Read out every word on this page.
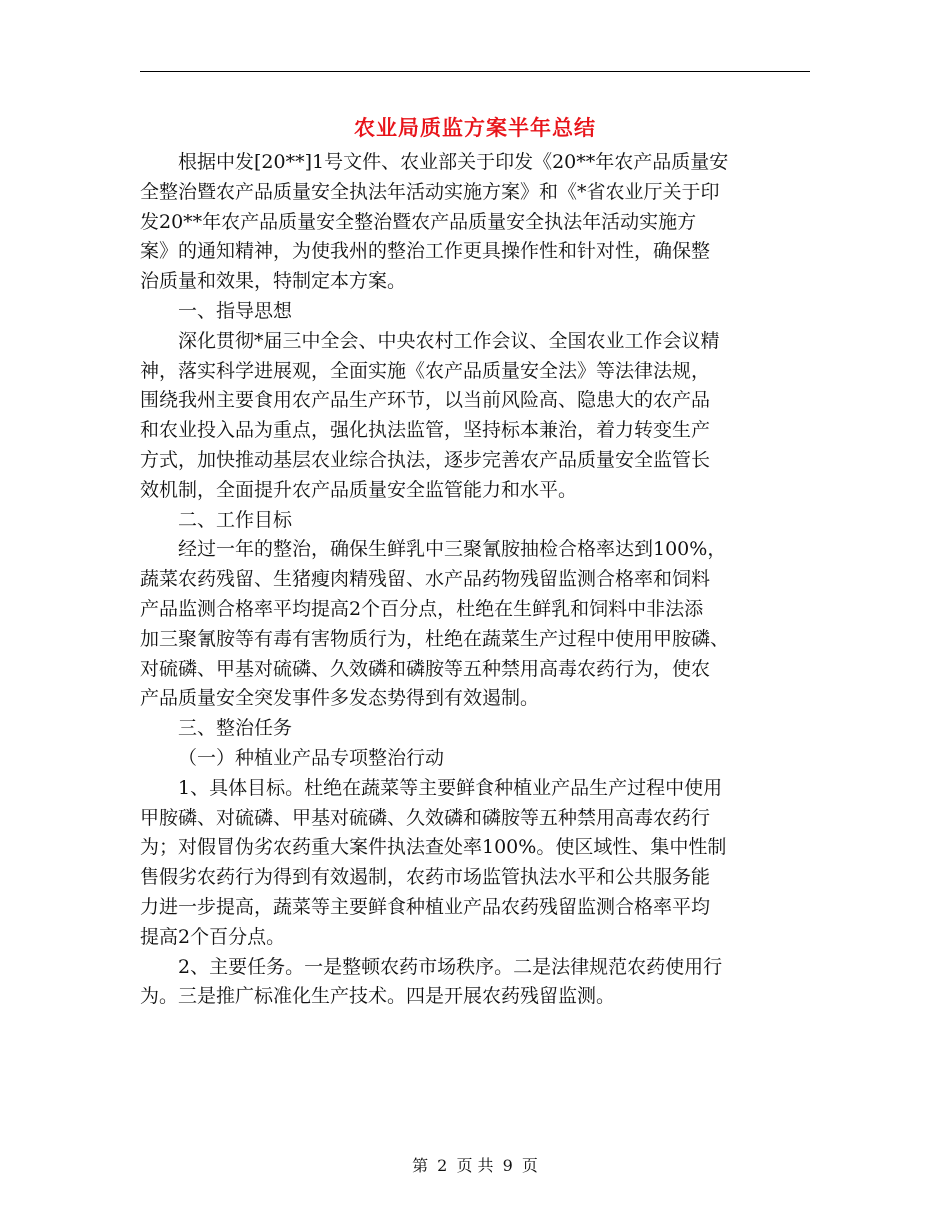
农业局质监方案半年总结
根据中发[20**]1号文件、农业部关于印发《20**年农产品质量安
全整治暨农产品质量安全执法年活动实施方案》和《*省农业厅关于印
发20**年农产品质量安全整治暨农产品质量安全执法年活动实施方
案》的通知精神，为使我州的整治工作更具操作性和针对性，确保整
治质量和效果，特制定本方案。
一、指导思想
深化贯彻*届三中全会、中央农村工作会议、全国农业工作会议精
神，落实科学进展观，全面实施《农产品质量安全法》等法律法规，
围绕我州主要食用农产品生产环节，以当前风险高、隐患大的农产品
和农业投入品为重点，强化执法监管，坚持标本兼治，着力转变生产
方式，加快推动基层农业综合执法，逐步完善农产品质量安全监管长
效机制，全面提升农产品质量安全监管能力和水平。
二、工作目标
经过一年的整治，确保生鲜乳中三聚氰胺抽检合格率达到100%，
蔬菜农药残留、生猪瘦肉精残留、水产品药物残留监测合格率和饲料
产品监测合格率平均提高2个百分点，杜绝在生鲜乳和饲料中非法添
加三聚氰胺等有毒有害物质行为，杜绝在蔬菜生产过程中使用甲胺磷、
对硫磷、甲基对硫磷、久效磷和磷胺等五种禁用高毒农药行为，使农
产品质量安全突发事件多发态势得到有效遏制。
三、整治任务
（一）种植业产品专项整治行动
1、具体目标。杜绝在蔬菜等主要鲜食种植业产品生产过程中使用
甲胺磷、对硫磷、甲基对硫磷、久效磷和磷胺等五种禁用高毒农药行
为；对假冒伪劣农药重大案件执法查处率100%。使区域性、集中性制
售假劣农药行为得到有效遏制，农药市场监管执法水平和公共服务能
力进一步提高，蔬菜等主要鲜食种植业产品农药残留监测合格率平均
提高2个百分点。
2、主要任务。一是整顿农药市场秩序。二是法律规范农药使用行
为。三是推广标准化生产技术。四是开展农药残留监测。
第 2 页 共 9 页
